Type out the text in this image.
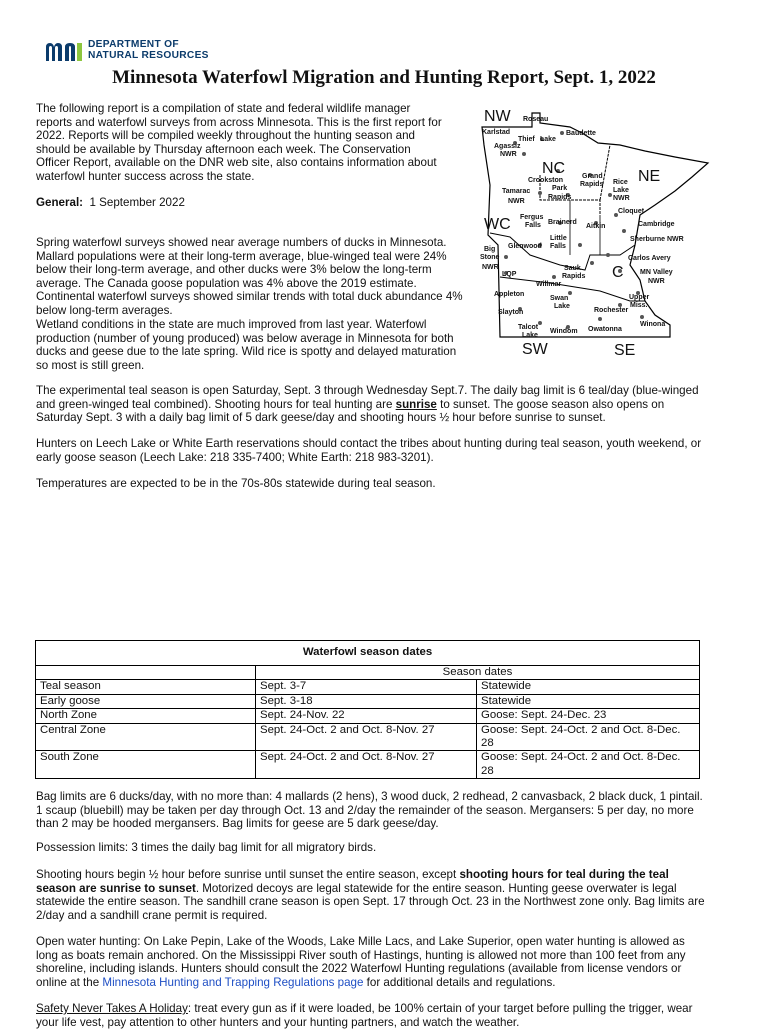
DEPARTMENT OF
NATURAL RESOURCES
Minnesota Waterfowl Migration and Hunting Report, Sept. 1, 2022

The following report is a compilation of state and federal wildlife manager reports and waterfowl surveys from across Minnesota. This is the first report for 2022. Reports will be compiled weekly throughout the hunting season and should be available by Thursday afternoon each week. The Conservation Officer Report, available on the DNR web site, also contains information about waterfowl hunter success across the state.

General: 1 September 2022

Spring waterfowl surveys showed near average numbers of ducks in Minnesota. Mallard populations were at their long-term average, blue-winged teal were 24% below their long-term average, and other ducks were 3% below the long-term average. The Canada goose population was 4% above the 2019 estimate. Continental waterfowl surveys showed similar trends with total duck abundance 4% below long-term averages.

Wetland conditions in the state are much improved from last year. Waterfowl production (number of young produced) was below average in Minnesota for both ducks and geese due to the late spring. Wild rice is spotty and delayed maturation so most is still green.

NW
NC	NE
WC
C
SW	SE
Roseau
Karlstad
Thief Lake
Baudette
Agassiz
NWR
Crookston
Grand
Rapids Rice
Lake
NWR
Tamarac
NWR
Park
Rapids
Cloquet
Fergus
Falls Brainerd
Aitkin	Cambridge
Big
Stone
NWR
Glenwood
Little
Falls
Sherburne NWR
Carlos Avery
LQP
Willmar
Sauk
Rapids
MN Valley
NWR
Appleton
Swan
Lake
Upper
Miss.
Slayton	Rochester
Talcot
Lake
Windom Owatonna
Winona

The experimental teal season is open Saturday, Sept. 3 through Wednesday Sept.7. The daily bag limit is 6 teal/day (blue-winged and green-winged teal combined). Shooting hours for teal hunting are sunrise to sunset. The goose season also opens on Saturday Sept. 3 with a daily bag limit of 5 dark geese/day and shooting hours ½ hour before sunrise to sunset.

Hunters on Leech Lake or White Earth reservations should contact the tribes about hunting during teal season, youth weekend, or early goose season (Leech Lake: 218 335-7400; White Earth: 218 983-3201).

Temperatures are expected to be in the 70s-80s statewide during teal season.

Waterfowl season dates		
	Season dates	
Teal season	Sept. 3-7	Statewide
Early goose	Sept. 3-18	Statewide
North Zone	Sept. 24-Nov. 22	Goose: Sept. 24-Dec. 23
Central Zone	Sept. 24-Oct. 2 and Oct. 8-Nov. 27	Goose: Sept. 24-Oct. 2 and Oct. 8-Dec. 28
South Zone	Sept. 24-Oct. 2 and Oct. 8-Nov. 27	Goose: Sept. 24-Oct. 2 and Oct. 8-Dec. 28

Bag limits are 6 ducks/day, with no more than: 4 mallards (2 hens), 3 wood duck, 2 redhead, 2 canvasback, 2 black duck, 1 pintail. 1 scaup (bluebill) may be taken per day through Oct. 13 and 2/day the remainder of the season. Mergansers: 5 per day, no more than 2 may be hooded mergansers. Bag limits for geese are 5 dark geese/day.

Possession limits: 3 times the daily bag limit for all migratory birds.

Shooting hours begin ½ hour before sunrise until sunset the entire season, except shooting hours for teal during the teal season are sunrise to sunset. Motorized decoys are legal statewide for the entire season. Hunting geese overwater is legal statewide the entire season. The sandhill crane season is open Sept. 17 through Oct. 23 in the Northwest zone only. Bag limits are 2/day and a sandhill crane permit is required.

Open water hunting: On Lake Pepin, Lake of the Woods, Lake Mille Lacs, and Lake Superior, open water hunting is allowed as long as boats remain anchored. On the Mississippi River south of Hastings, hunting is allowed not more than 100 feet from any shoreline, including islands. Hunters should consult the 2022 Waterfowl Hunting regulations (available from license vendors or online at the Minnesota Hunting and Trapping Regulations page for additional details and regulations.

Safety Never Takes A Holiday: treat every gun as if it were loaded, be 100% certain of your target before pulling the trigger, wear your life vest, pay attention to other hunters and your hunting partners, and watch the weather.
